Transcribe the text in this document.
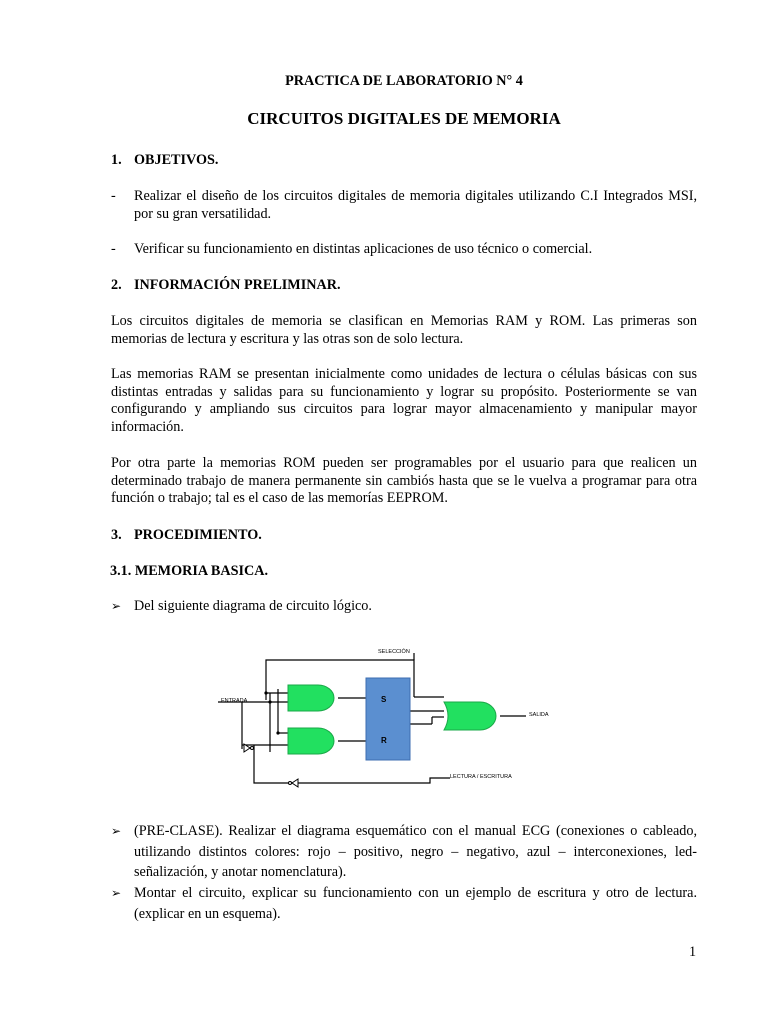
PRACTICA DE LABORATORIO N° 4
CIRCUITOS DIGITALES DE MEMORIA
1. OBJETIVOS.
- Realizar el diseño de los circuitos digitales de memoria digitales utilizando C.I Integrados MSI, por su gran versatilidad.
- Verificar su funcionamiento en distintas aplicaciones de uso técnico o comercial.
2. INFORMACIÓN PRELIMINAR.
Los circuitos digitales de memoria se clasifican en Memorias RAM y ROM. Las primeras son memorias de lectura y escritura y las otras son de solo lectura.
Las memorias RAM se presentan inicialmente como unidades de lectura o células básicas con sus distintas entradas y salidas para su funcionamiento y lograr su propósito. Posteriormente se van configurando y ampliando sus circuitos para lograr mayor almacenamiento y manipular mayor información.
Por otra parte la memorias ROM pueden ser programables por el usuario para que realicen un determinado trabajo de manera permanente sin cambiós hasta que se le vuelva a programar para otra función o trabajo; tal es el caso de las memorías EEPROM.
3. PROCEDIMIENTO.
3.1. MEMORIA BASICA.
➢ Del siguiente diagrama de circuito lógico.
➢ (PRE-CLASE). Realizar el diagrama esquemático con el manual ECG (conexiones o cableado, utilizando distintos colores: rojo – positivo, negro – negativo, azul – interconexiones, led- señalización, y anotar nomenclatura).
➢ Montar el circuito, explicar su funcionamiento con un ejemplo de escritura y otro de lectura. (explicar en un esquema).
SELECCIÓN
ENTRADA
SALIDA
LECTURA / ESCRITURA
S
R
1
